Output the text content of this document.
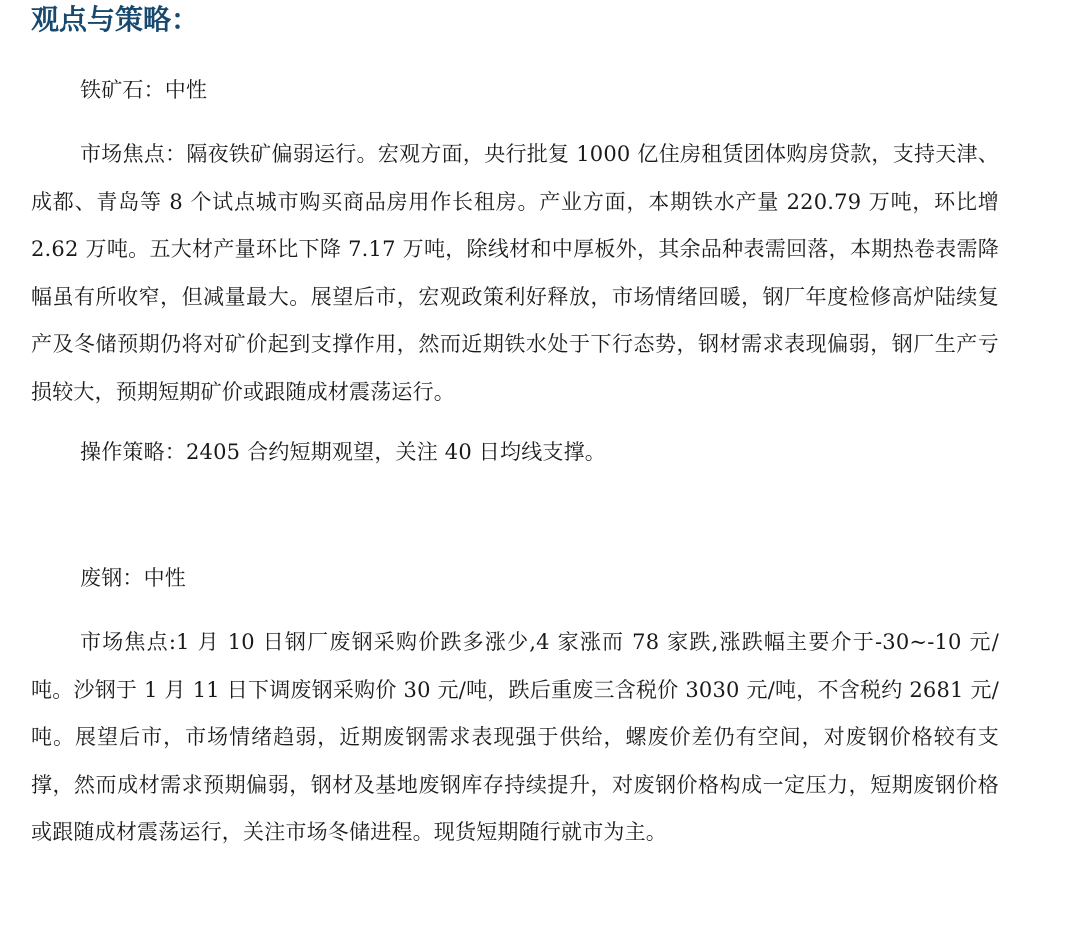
观点与策略：

铁矿石：中性

市场焦点：隔夜铁矿偏弱运行。宏观方面，央行批复 1000 亿住房租赁团体购房贷款，支持天津、成都、青岛等 8 个试点城市购买商品房用作长租房。产业方面，本期铁水产量 220.79 万吨，环比增 2.62 万吨。五大材产量环比下降 7.17 万吨，除线材和中厚板外，其余品种表需回落，本期热卷表需降幅虽有所收窄，但减量最大。展望后市，宏观政策利好释放，市场情绪回暖，钢厂年度检修高炉陆续复产及冬储预期仍将对矿价起到支撑作用，然而近期铁水处于下行态势，钢材需求表现偏弱，钢厂生产亏损较大，预期短期矿价或跟随成材震荡运行。

操作策略：2405 合约短期观望，关注 40 日均线支撑。

废钢：中性

市场焦点:1 月 10 日钢厂废钢采购价跌多涨少,4 家涨而 78 家跌,涨跌幅主要介于-30~-10 元/吨。沙钢于 1 月 11 日下调废钢采购价 30 元/吨，跌后重废三含税价 3030 元/吨，不含税约 2681 元/吨。展望后市，市场情绪趋弱，近期废钢需求表现强于供给，螺废价差仍有空间，对废钢价格较有支撑，然而成材需求预期偏弱，钢材及基地废钢库存持续提升，对废钢价格构成一定压力，短期废钢价格或跟随成材震荡运行，关注市场冬储进程。现货短期随行就市为主。
